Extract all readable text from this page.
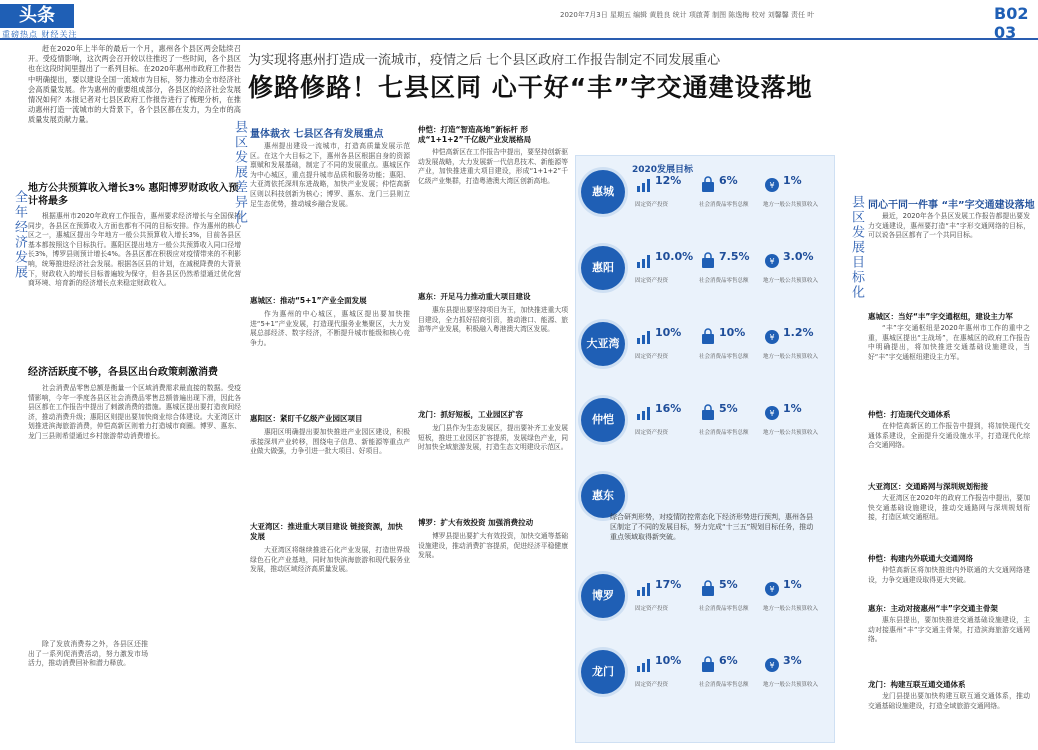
头条
重磅热点 财经关注
2020年7月3日 星期五 编辑 黄胜良 统计 项啟菁 制图 陈逸梅 校对 刘馨馨 责任 叶	B02 03
赶在2020年上半年的最后一个月，惠州各个县区两会陆续召开。受疫情影响，这次两会召开较以往推迟了一些时间，各个县区也在这段时间里提出了一系列目标。在2020年惠州市政府工作报告中明确提出，要以建设全国一流城市为目标，努力推动全市经济社会高质量发展。作为惠州的重要组成部分，各县区的经济社会发展情况如何？本报记者对七县区政府工作报告进行了梳理分析，在推动惠州打造一流城市的大背景下，各个县区都在发力，为全市的高质量发展贡献力量。
全年经济发展
地方公共预算收入增长3% 惠阳博罗财政收入预计将最多
根据惠州市2020年政府工作报告，惠州要求经济增长与全国保持同步，各县区在预算收入方面也都有不同的目标安排。作为惠州的核心区之一，惠城区提出今年地方一般公共预算收入增长3%，目前各县区基本都按照这个目标执行。惠阳区提出地方一般公共预算收入同口径增长3%，博罗县则预计增长4%。各县区都在积极应对疫情带来的不利影响，统筹推进经济社会发展。根据各区县的计划，在减税降费的大背景下，财政收入的增长目标普遍较为保守，但各县区仍然希望通过优化营商环境、培育新的经济增长点来稳定财政收入。
经济活跃度不够，各县区出台政策刺激消费
社会消费品零售总额是衡量一个区域消费需求最直接的数据。受疫情影响，今年一季度各县区社会消费品零售总额普遍出现下滑，因此各县区都在工作报告中提出了刺激消费的措施。惠城区提出要打造夜间经济，推动消费升级；惠阳区则提出要加快商业综合体建设。大亚湾区计划推进滨海旅游消费，仲恺高新区则着力打造城市商圈。博罗、惠东、龙门三县则希望通过乡村旅游带动消费增长。
除了发放消费券之外，各县区还推出了一系列促消费活动，努力激发市场活力，推动消费回补和潜力释放。
为实现将惠州打造成一流城市，疫情之后 七个县区政府工作报告制定不同发展重心
修路修路！七县区同 心干好“丰”字交通建设落地
县区发展差异化 量体裁衣 七县区各有发展重点
惠州提出建设一流城市，打造高质量发展示范区。在这个大目标之下，惠州各县区根据自身的资源禀赋和发展基础，制定了不同的发展重点。惠城区作为中心城区，重点提升城市品质和服务功能；惠阳、大亚湾依托深圳东进战略，加快产业发展；仲恺高新区则以科技创新为核心；博罗、惠东、龙门三县则立足生态优势，推动城乡融合发展。
惠城区：推动“5+1”产业全面发展
作为惠州的中心城区，惠城区提出要加快推进“5+1”产业发展，打造现代服务业集聚区，大力发展总部经济、数字经济，不断提升城市能级和核心竞争力。
惠阳区：紧盯千亿级产业园区项目
惠阳区明确提出要加快推进产业园区建设，积极承接深圳产业转移，围绕电子信息、新能源等重点产业做大做强，力争引进一批大项目、好项目。
大亚湾区：推进重大项目建设 链接资源，加快发展
大亚湾区将继续推进石化产业发展，打造世界级绿色石化产业基地，同时加快滨海旅游和现代服务业发展，推动区域经济高质量发展。
仲恺：打造“智造高地”新标杆 形成“1+1+2”千亿级产业发展格局
仲恺高新区在工作报告中提出，要坚持创新驱动发展战略，大力发展新一代信息技术、新能源等产业，加快推进重大项目建设，形成“1+1+2”千亿级产业集群，打造粤港澳大湾区创新高地。
惠东：开足马力推动重大项目建设
惠东县提出要坚持项目为王，加快推进重大项目建设，全力抓好招商引资，推动港口、能源、旅游等产业发展，积极融入粤港澳大湾区发展。
龙门：抓好短板，工业园区扩容
龙门县作为生态发展区，提出要补齐工业发展短板，推进工业园区扩容提质，发展绿色产业，同时加快全域旅游发展，打造生态文明建设示范区。
博罗：扩大有效投资 加强消费拉动
博罗县提出要扩大有效投资，加快交通等基础设施建设，推动消费扩容提质，促进经济平稳健康发展。
2020发展目标
惠城
12%
固定资产投资
6%
社会消费品零售总额
¥ 1%
地方一般公共预算收入
惠阳
10.0%
固定资产投资
7.5%
社会消费品零售总额
¥ 3.0%
地方一般公共预算收入
大亚湾
10%
固定资产投资
10%
社会消费品零售总额
¥ 1.2%
地方一般公共预算收入
仲恺
16%
固定资产投资
5%
社会消费品零售总额
¥ 1%
地方一般公共预算收入
惠东
博罗
17%
固定资产投资
5%
社会消费品零售总额
¥ 1%
地方一般公共预算收入
龙门
10%
固定资产投资
6%
社会消费品零售总额
¥ 3%
地方一般公共预算收入
综合研判形势，对疫情防控常态化下经济形势进行预判，惠州各县区制定了不同的发展目标，努力完成“十三五”规划目标任务，推动重点领域取得新突破。
县区发展目标化 同心干同一件事 “丰”字交通建设落地
最近，2020年各个县区发展工作报告都提出要发力交通建设，惠州要打造“丰”字形交通网络的目标，可以说各县区都有了一个共同目标。
惠城区：当好“丰”字交通枢纽，建设主力军
“丰”字交通枢纽是2020年惠州市工作的重中之重，惠城区提出“主战场”，在惠城区的政府工作报告中明确提出，将加快推进交通基础设施建设，当好“丰”字交通枢纽建设主力军。
仲恺：打造现代交通体系
在仲恺高新区的工作报告中提到，将加快现代交通体系建设，全面提升交通设施水平，打造现代化综合交通网络。
大亚湾区：交通路网与深圳规划衔接
大亚湾区在2020年的政府工作报告中提出，要加快交通基础设施建设，推动交通路网与深圳规划衔接，打造区域交通枢纽。
仲恺：构建内外联通大交通网络
仲恺高新区将加快推进内外联通的大交通网络建设，力争交通建设取得更大突破。
惠东：主动对接惠州“丰”字交通主骨架
惠东县提出，要加快推进交通基础设施建设，主动对接惠州“丰”字交通主骨架，打造滨海旅游交通网络。
龙门：构建互联互通交通体系
龙门县提出要加快构建互联互通交通体系，推动交通基础设施建设，打造全域旅游交通网络。
